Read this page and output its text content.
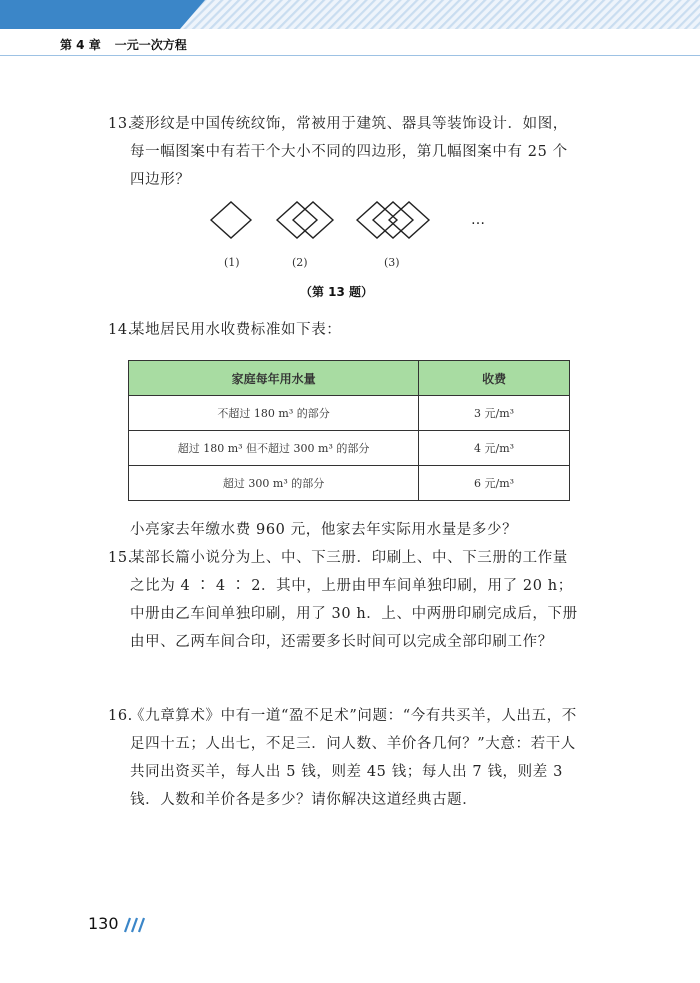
第 4 章 一元一次方程
13.
菱形纹是中国传统纹饰，常被用于建筑、器具等装饰设计．如图，每一幅图案中有若干个大小不同的四边形，第几幅图案中有 25 个四边形？
…
(1)	(2)	(3)
（第 13 题）
14.
某地居民用水收费标准如下表：
家庭每年用水量	收费
不超过 180 m³ 的部分	3 元/m³
超过 180 m³ 但不超过 300 m³ 的部分	4 元/m³
超过 300 m³ 的部分	6 元/m³
小亮家去年缴水费 960 元，他家去年实际用水量是多少？
15.
某部长篇小说分为上、中、下三册．印刷上、中、下三册的工作量之比为 4 ∶ 4 ∶ 2．其中，上册由甲车间单独印刷，用了 20 h；中册由乙车间单独印刷，用了 30 h．上、中两册印刷完成后，下册由甲、乙两车间合印，还需要多长时间可以完成全部印刷工作？
16.
《九章算术》中有一道“盈不足术”问题：“今有共买羊，人出五，不足四十五；人出七，不足三．问人数、羊价各几何？”大意：若干人共同出资买羊，每人出 5 钱，则差 45 钱；每人出 7 钱，则差 3 钱．人数和羊价各是多少？请你解决这道经典古题．
130
